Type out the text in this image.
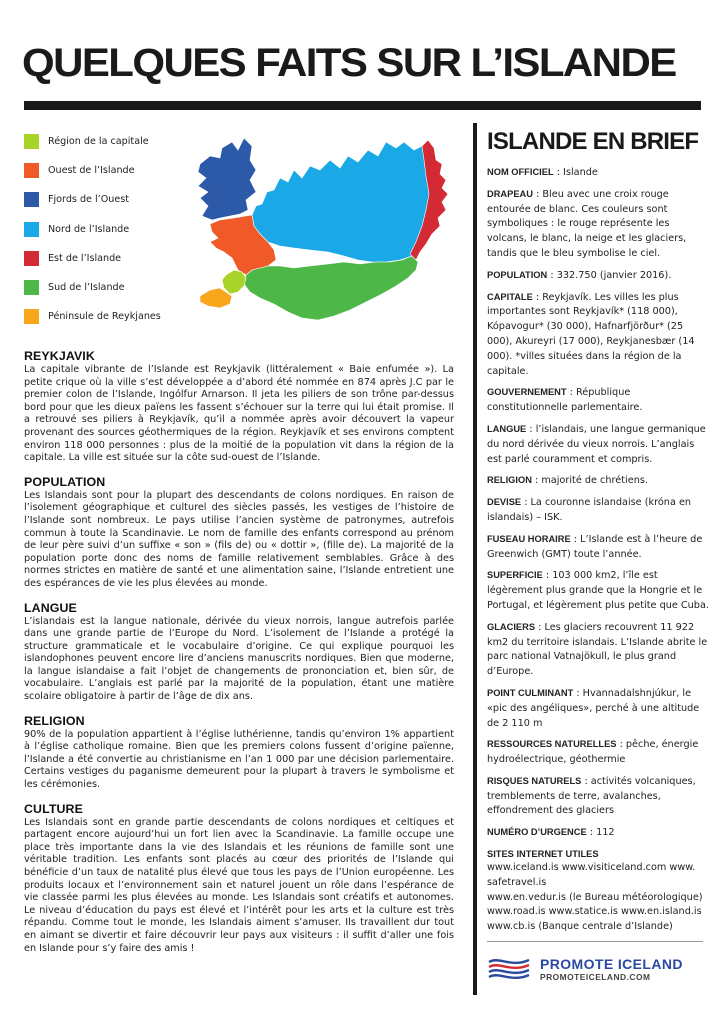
QUELQUES FAITS SUR L’ISLANDE
Région de la capitale
Ouest de l’Islande
Fjords de l’Ouest
Nord de l’Islande
Est de l’Islande
Sud de l’Islande
Péninsule de Reykjanes
REYKJAVIK
La capitale vibrante de l’Islande est Reykjavik (littéralement « Baie enfumée »). La petite crique où la ville s’est développée a d’abord été nommée en 874 après J.C par le premier colon de l’Islande, Ingólfur Arnarson. Il jeta les piliers de son trône par-dessus bord pour que les dieux païens les fassent s’échouer sur la terre qui lui était promise. Il a retrouvé ses piliers à Reykjavík, qu’il a nommée après avoir découvert la vapeur provenant des sources géothermiques de la région. Reykjavík et ses environs comptent environ 118 000 personnes : plus de la moitié de la population vit dans la région de la capitale. La ville est située sur la côte sud-ouest de l’Islande.
POPULATION
Les Islandais sont pour la plupart des descendants de colons nordiques. En raison de l’isolement géographique et culturel des siècles passés, les vestiges de l’histoire de l’Islande sont nombreux. Le pays utilise l’ancien système de patronymes, autrefois commun à toute la Scandinavie. Le nom de famille des enfants correspond au prénom de leur père suivi d’un suffixe « son » (fils de) ou « dottir », (fille de). La majorité de la population porte donc des noms de famille relativement semblables. Grâce à des normes strictes en matière de santé et une alimentation saine, l’Islande entretient une des espérances de vie les plus élevées au monde.
LANGUE
L’islandais est la langue nationale, dérivée du vieux norrois, langue autrefois parlée dans une grande partie de l’Europe du Nord. L’isolement de l’Islande a protégé la structure grammaticale et le vocabulaire d’origine. Ce qui explique pourquoi les islandophones peuvent encore lire d’anciens manuscrits nordiques. Bien que moderne, la langue islandaise a fait l’objet de changements de prononciation et, bien sûr, de vocabulaire. L’anglais est parlé par la majorité de la population, étant une matière scolaire obligatoire à partir de l’âge de dix ans.
RELIGION
90% de la population appartient à l’église luthérienne, tandis qu’environ 1% appartient à l’église catholique romaine. Bien que les premiers colons fussent d’origine païenne, l’Islande a été convertie au christianisme en l’an 1 000 par une décision parlementaire. Certains vestiges du paganisme demeurent pour la plupart à travers le symbolisme et les cérémonies.
CULTURE
Les Islandais sont en grande partie descendants de colons nordiques et celtiques et partagent encore aujourd’hui un fort lien avec la Scandinavie. La famille occupe une place très importante dans la vie des Islandais et les réunions de famille sont une véritable tradition. Les enfants sont placés au cœur des priorités de l’Islande qui bénéficie d’un taux de natalité plus élevé que tous les pays de l’Union européenne. Les produits locaux et l’environnement sain et naturel jouent un rôle dans l’espérance de vie classée parmi les plus élevées au monde. Les Islandais sont créatifs et autonomes. Le niveau d’éducation du pays est élevé et l’intérêt pour les arts et la culture est très répandu. Comme tout le monde, les Islandais aiment s’amuser. Ils travaillent dur tout en aimant se divertir et faire découvrir leur pays aux visiteurs : il suffit d’aller une fois en Islande pour s’y faire des amis !
ISLANDE EN BRIEF
NOM OFFICIEL : Islande
DRAPEAU : Bleu avec une croix rouge entourée de blanc. Ces couleurs sont symboliques : le rouge représente les volcans, le blanc, la neige et les glaciers, tandis que le bleu symbolise le ciel.
POPULATION : 332.750 (janvier 2016).
CAPITALE : Reykjavík. Les villes les plus importantes sont Reykjavík* (118 000), Kópavogur* (30 000), Hafnarfjörður* (25 000), Akureyri (17 000), Reykjanesbær (14 000). *villes situées dans la région de la capitale.
GOUVERNEMENT : République constitutionnelle parlementaire.
LANGUE : l’islandais, une langue germanique du nord dérivée du vieux norrois. L’anglais est parlé couramment et compris.
RELIGION : majorité de chrétiens.
DEVISE : La couronne islandaise (króna en islandais) – ISK.
FUSEAU HORAIRE : L’Islande est à l’heure de Greenwich (GMT) toute l’année.
SUPERFICIE : 103 000 km2, l’île est légèrement plus grande que la Hongrie et le Portugal, et légèrement plus petite que Cuba.
GLACIERS : Les glaciers recouvrent 11 922 km2 du territoire islandais. L’Islande abrite le parc national Vatnajökull, le plus grand d’Europe.
POINT CULMINANT : Hvannadalshnjúkur, le «pic des angéliques», perché à une altitude de 2 110 m
RESSOURCES NATURELLES : pêche, énergie hydroélectrique, géothermie
RISQUES NATURELS : activités volcaniques, tremblements de terre, avalanches, effondrement des glaciers
NUMÉRO D’URGENCE : 112
SITES INTERNET UTILES
www.iceland.is www.visiticeland.com www.
safetravel.is
www.en.vedur.is (le Bureau météorologique)
www.road.is www.statice.is www.en.island.is
www.cb.is (Banque centrale d’Islande)
PROMOTE ICELAND
PROMOTEICELAND.COM
